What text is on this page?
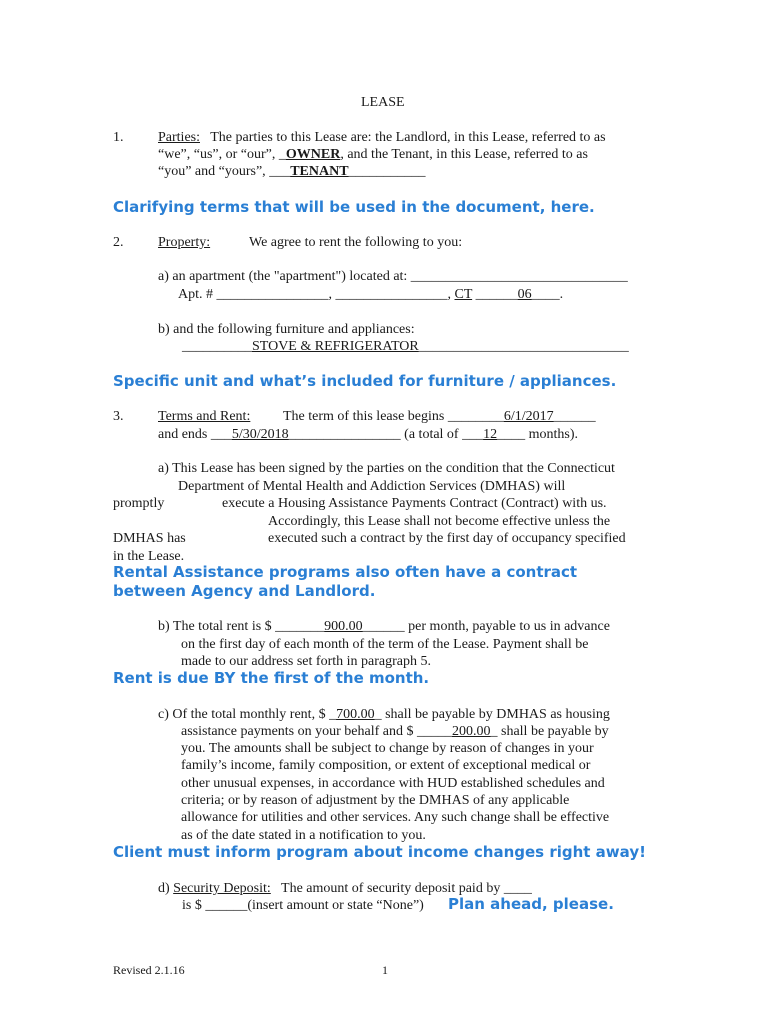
LEASE
1. Parties: The parties to this Lease are: the Landlord, in this Lease, referred to as
“we”, “us”, or “our”, _OWNER, and the Tenant, in this Lease, referred to as
“you” and “yours”, ___TENANT___________
Clarifying terms that will be used in the document, here.
2. Property:	We agree to rent the following to you:
a) an apartment (the "apartment") located at: _______________________________
Apt. # ________________, ________________, CT ______06____.
b) and the following furniture and appliances:
__________STOVE & REFRIGERATOR______________________________
Specific unit and what’s included for furniture / appliances.
3. Terms and Rent: The term of this lease begins ________6/1/2017______
and ends ___5/30/2018________________ (a total of ___12____ months).
a) This Lease has been signed by the parties on the condition that the Connecticut
Department of Mental Health and Addiction Services (DMHAS) will
promptly	execute a Housing Assistance Payments Contract (Contract) with us.
Accordingly, this Lease shall not become effective unless the
DMHAS has	executed such a contract by the first day of occupancy specified
in the Lease.
Rental Assistance programs also often have a contract
between Agency and Landlord.
b) The total rent is $ _______900.00______ per month, payable to us in advance
on the first day of each month of the term of the Lease. Payment shall be
made to our address set forth in paragraph 5.
Rent is due BY the first of the month.
c) Of the total monthly rent, $ _700.00_ shall be payable by DMHAS as housing
assistance payments on your behalf and $ _____200.00_ shall be payable by
you. The amounts shall be subject to change by reason of changes in your
family’s income, family composition, or extent of exceptional medical or
other unusual expenses, in accordance with HUD established schedules and
criteria; or by reason of adjustment by the DMHAS of any applicable
allowance for utilities and other services. Any such change shall be effective
as of the date stated in a notification to you.
Client must inform program about income changes right away!
d) Security Deposit: The amount of security deposit paid by ____
is $ ______(insert amount or state “None”) Plan ahead, please.
Revised 2.1.16	1
